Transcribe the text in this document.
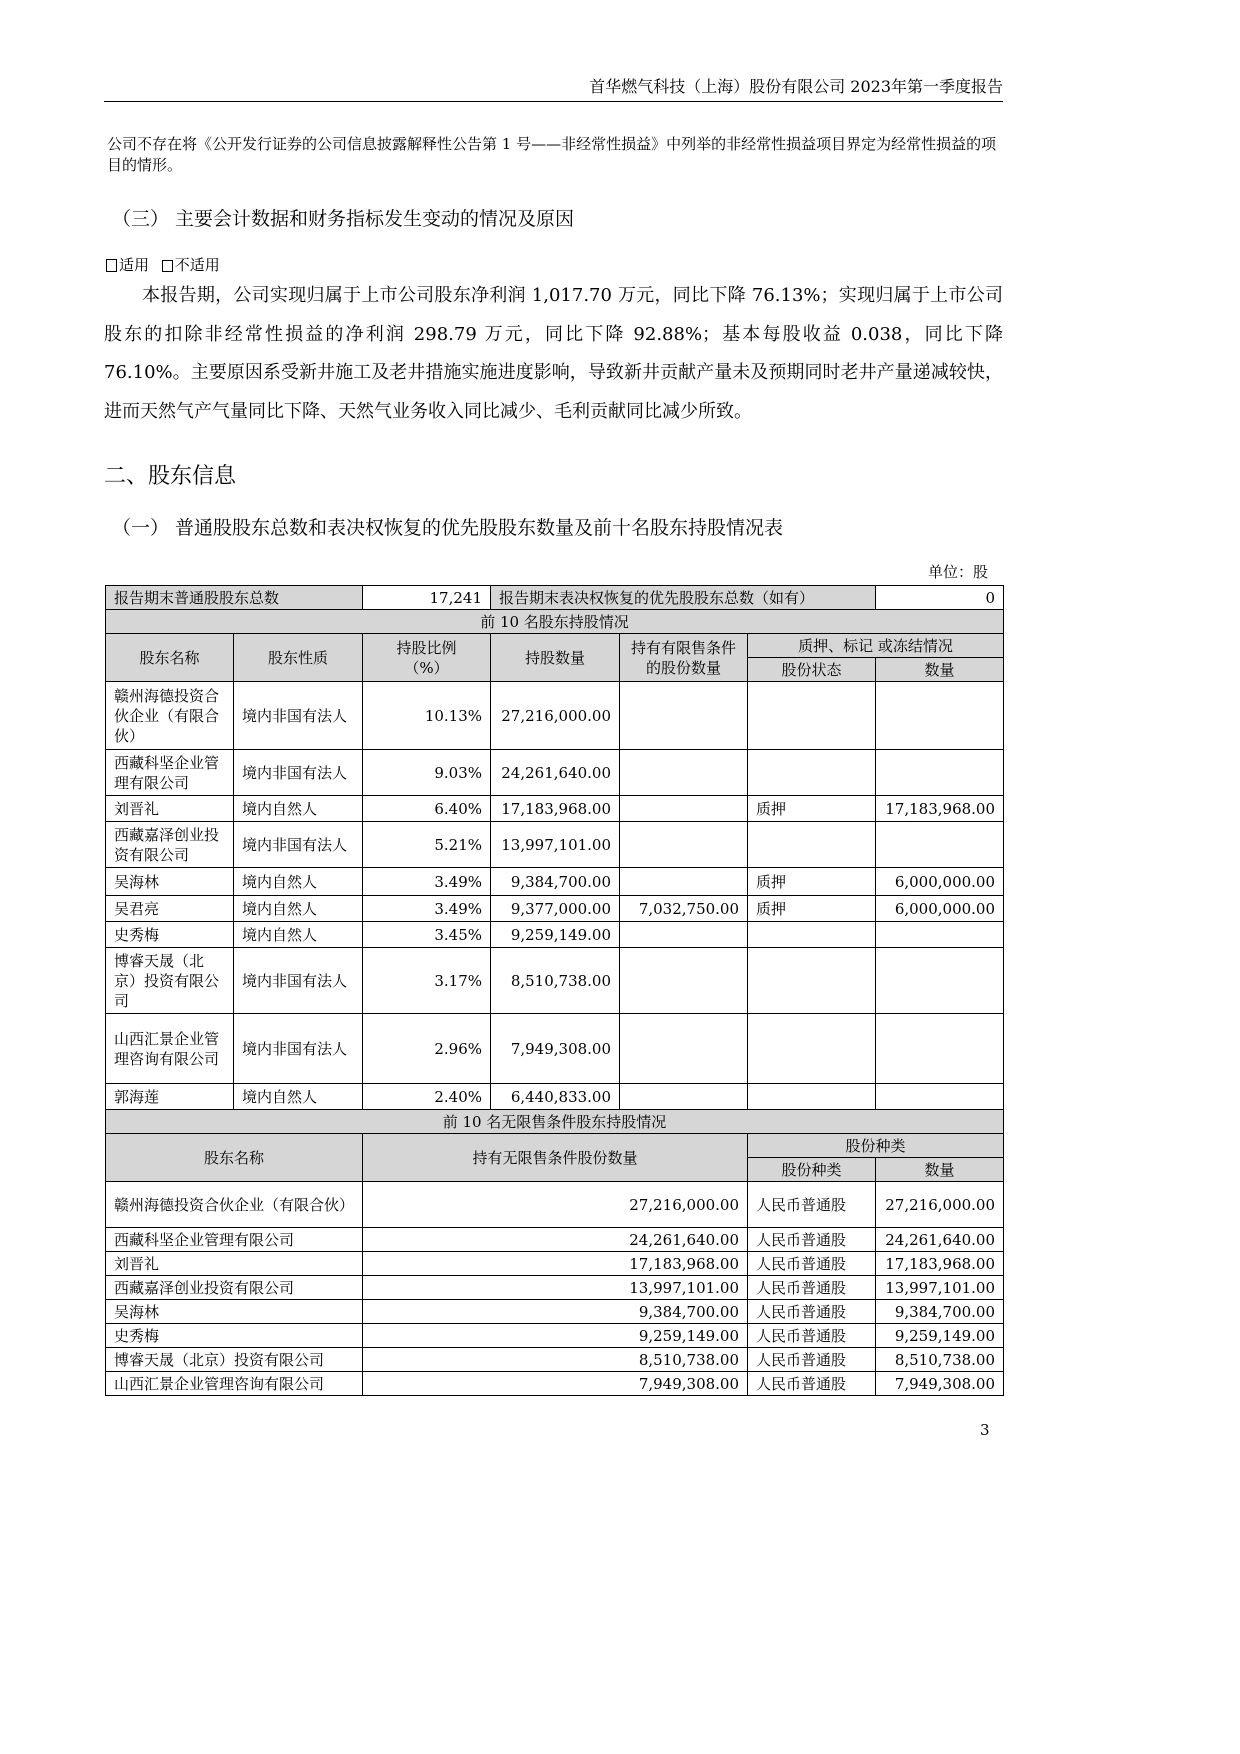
首华燃气科技（上海）股份有限公司 2023年第一季度报告
公司不存在将《公开发行证券的公司信息披露解释性公告第 1 号——非经常性损益》中列举的非经常性损益项目界定为经常性损益的项目的情形。
（三） 主要会计数据和财务指标发生变动的情况及原因
适用 不适用
本报告期，公司实现归属于上市公司股东净利润 1,017.70 万元，同比下降 76.13%；实现归属于上市公司股东的扣除非经常性损益的净利润 298.79 万元，同比下降 92.88%；基本每股收益 0.038，同比下降 76.10%。主要原因系受新井施工及老井措施实施进度影响，导致新井贡献产量未及预期同时老井产量递减较快，进而天然气产气量同比下降、天然气业务收入同比减少、毛利贡献同比减少所致。
二、股东信息
（一） 普通股股东总数和表决权恢复的优先股股东数量及前十名股东持股情况表
单位：股
报告期末普通股股东总数		17,241	报告期末表决权恢复的优先股股东总数（如有）			0
前 10 名股东持股情况						
股东名称	股东性质	持股比例（%）	持股数量	持有有限售条件的股份数量	质押、标记 或冻结情况	
					股份状态	数量
赣州海德投资合伙企业（有限合伙）	境内非国有法人	10.13%	27,216,000.00			
西藏科坚企业管理有限公司	境内非国有法人	9.03%	24,261,640.00			
刘晋礼	境内自然人	6.40%	17,183,968.00		质押	17,183,968.00
西藏嘉泽创业投资有限公司	境内非国有法人	5.21%	13,997,101.00			
吴海林	境内自然人	3.49%	9,384,700.00		质押	6,000,000.00
吴君亮	境内自然人	3.49%	9,377,000.00	7,032,750.00	质押	6,000,000.00
史秀梅	境内自然人	3.45%	9,259,149.00			
博睿天晟（北京）投资有限公司	境内非国有法人	3.17%	8,510,738.00			
山西汇景企业管理咨询有限公司	境内非国有法人	2.96%	7,949,308.00			
郭海莲	境内自然人	2.40%	6,440,833.00			
前 10 名无限售条件股东持股情况						
股东名称		持有无限售条件股份数量			股份种类	
					股份种类	数量
赣州海德投资合伙企业（有限合伙）		27,216,000.00			人民币普通股	27,216,000.00
西藏科坚企业管理有限公司		24,261,640.00			人民币普通股	24,261,640.00
刘晋礼		17,183,968.00			人民币普通股	17,183,968.00
西藏嘉泽创业投资有限公司		13,997,101.00			人民币普通股	13,997,101.00
吴海林		9,384,700.00			人民币普通股	9,384,700.00
史秀梅		9,259,149.00			人民币普通股	9,259,149.00
博睿天晟（北京）投资有限公司		8,510,738.00			人民币普通股	8,510,738.00
山西汇景企业管理咨询有限公司		7,949,308.00			人民币普通股	7,949,308.00
3
